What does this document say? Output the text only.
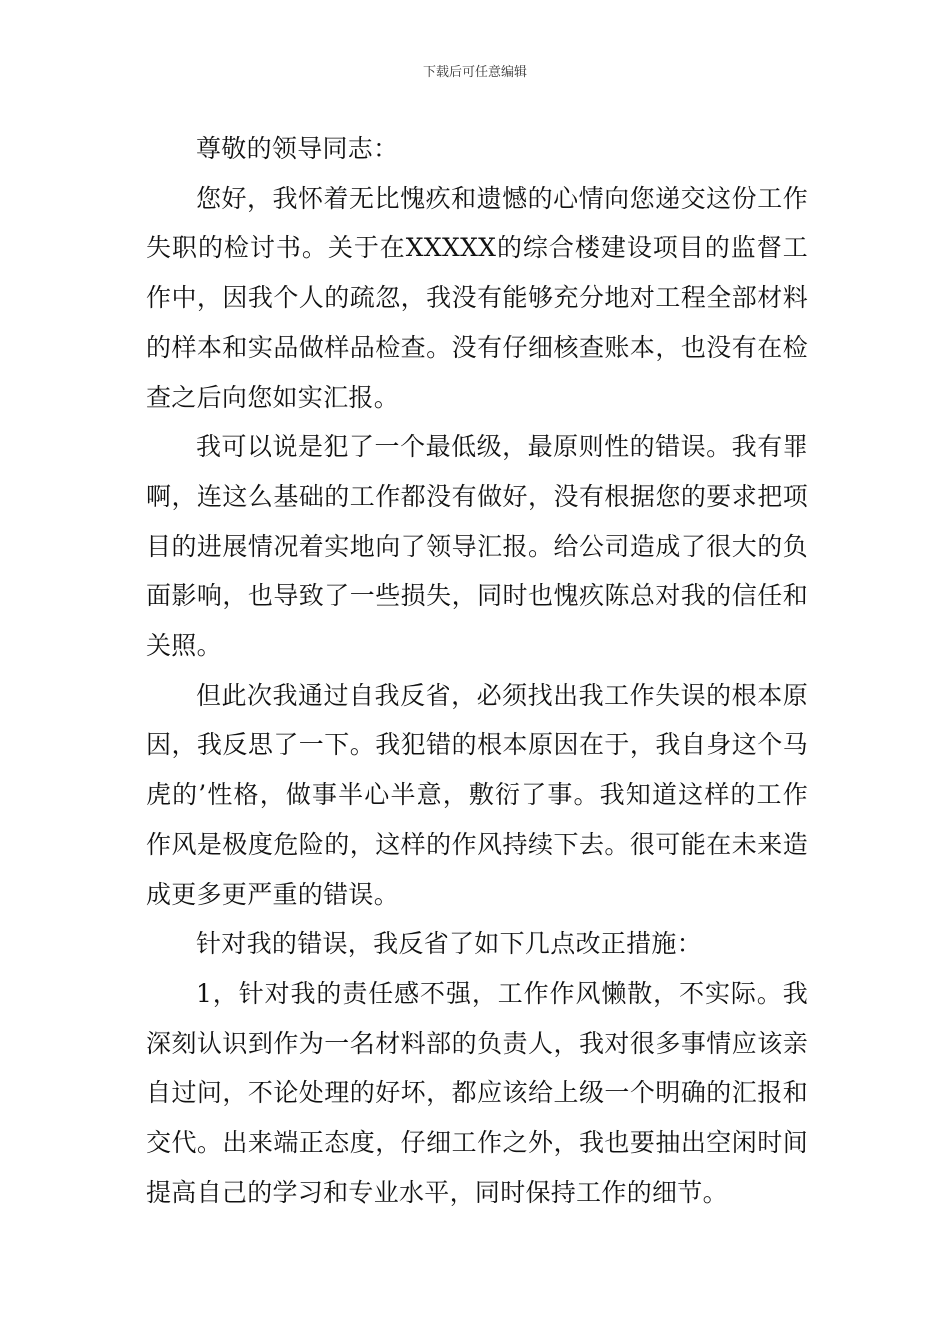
下载后可任意编辑

尊敬的领导同志：

您好，我怀着无比愧疚和遗憾的心情向您递交这份工作失职的检讨书。关于在XXXXX的综合楼建设项目的监督工作中，因我个人的疏忽，我没有能够充分地对工程全部材料的样本和实品做样品检查。没有仔细核查账本，也没有在检查之后向您如实汇报。

我可以说是犯了一个最低级，最原则性的错误。我有罪啊，连这么基础的工作都没有做好，没有根据您的要求把项目的进展情况着实地向了领导汇报。给公司造成了很大的负面影响，也导致了一些损失，同时也愧疚陈总对我的信任和关照。

但此次我通过自我反省，必须找出我工作失误的根本原因，我反思了一下。我犯错的根本原因在于，我自身这个马虎的’性格，做事半心半意，敷衍了事。我知道这样的工作作风是极度危险的，这样的作风持续下去。很可能在未来造成更多更严重的错误。

针对我的错误，我反省了如下几点改正措施：

1，针对我的责任感不强，工作作风懒散，不实际。我深刻认识到作为一名材料部的负责人，我对很多事情应该亲自过问，不论处理的好坏，都应该给上级一个明确的汇报和交代。出来端正态度，仔细工作之外，我也要抽出空闲时间提高自己的学习和专业水平，同时保持工作的细节。
